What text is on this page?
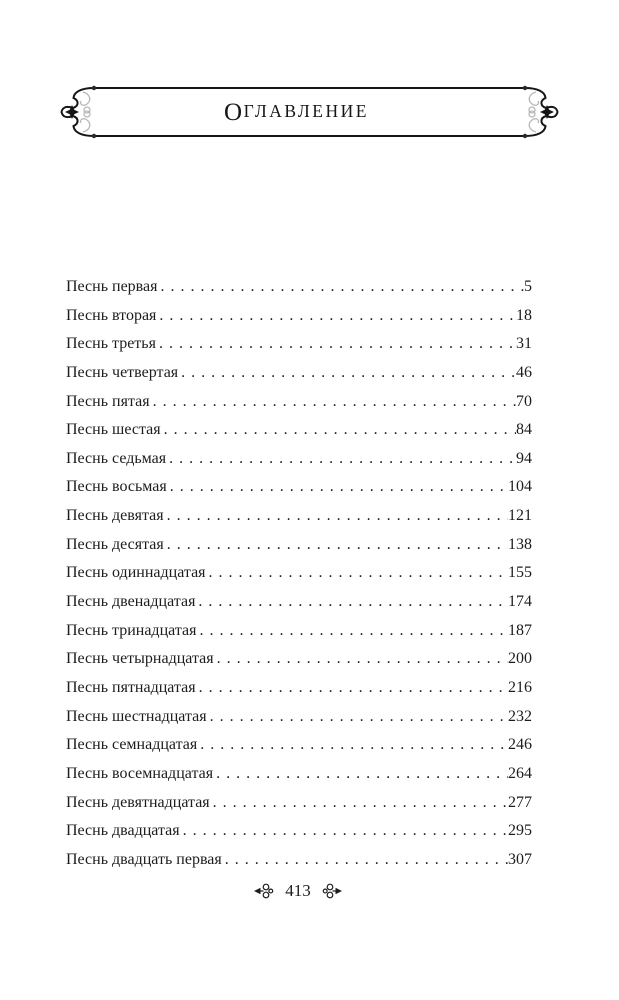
О ГЛАВЛЕНИЕ
Песнь первая . . .	5
Песнь вторая . . .	18
Песнь третья . . .	31
Песнь четвертая . . .	46
Песнь пятая . . .	70
Песнь шестая . . .	84
Песнь седьмая . . .	94
Песнь восьмая . . .	104
Песнь девятая . . .	121
Песнь десятая . . .	138
Песнь одиннадцатая . . .	155
Песнь двенадцатая . . .	174
Песнь тринадцатая . . .	187
Песнь четырнадцатая . . .	200
Песнь пятнадцатая . . .	216
Песнь шестнадцатая . . .	232
Песнь семнадцатая . . .	246
Песнь восемнадцатая . . .	264
Песнь девятнадцатая . . .	277
Песнь двадцатая . . .	295
Песнь двадцать первая . . .	307
413
